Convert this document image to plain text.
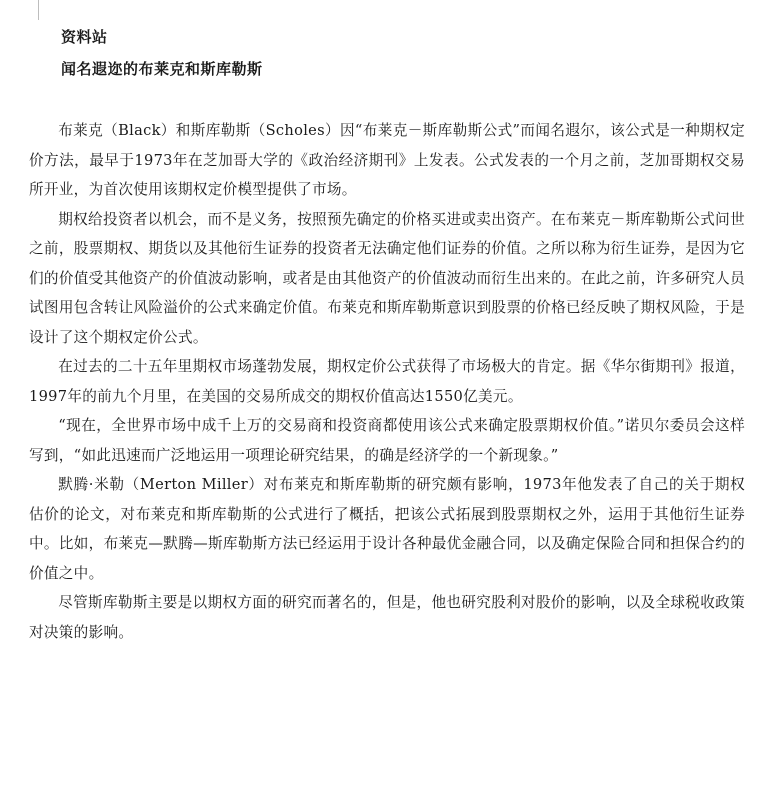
资料站
闻名遐迩的布莱克和斯库勒斯

布莱克（Black）和斯库勒斯（Scholes）因“布莱克－斯库勒斯公式”而闻名遐尔，该公式是一种期权定价方法，最早于1973年在芝加哥大学的《政治经济期刊》上发表。公式发表的一个月之前，芝加哥期权交易所开业，为首次使用该期权定价模型提供了市场。

期权给投资者以机会，而不是义务，按照预先确定的价格买进或卖出资产。在布莱克－斯库勒斯公式问世之前，股票期权、期货以及其他衍生证券的投资者无法确定他们证券的价值。之所以称为衍生证券，是因为它们的价值受其他资产的价值波动影响，或者是由其他资产的价值波动而衍生出来的。在此之前，许多研究人员试图用包含转让风险溢价的公式来确定价值。布莱克和斯库勒斯意识到股票的价格已经反映了期权风险，于是设计了这个期权定价公式。

在过去的二十五年里期权市场蓬勃发展，期权定价公式获得了市场极大的肯定。据《华尔街期刊》报道，1997年的前九个月里，在美国的交易所成交的期权价值高达1550亿美元。

“现在，全世界市场中成千上万的交易商和投资商都使用该公式来确定股票期权价值。”诺贝尔委员会这样写到，“如此迅速而广泛地运用一项理论研究结果，的确是经济学的一个新现象。”

默腾·米勒（Merton Miller）对布莱克和斯库勒斯的研究颇有影响，1973年他发表了自己的关于期权估价的论文，对布莱克和斯库勒斯的公式进行了概括，把该公式拓展到股票期权之外，运用于其他衍生证券中。比如，布莱克—默腾—斯库勒斯方法已经运用于设计各种最优金融合同，以及确定保险合同和担保合约的价值之中。

尽管斯库勒斯主要是以期权方面的研究而著名的，但是，他也研究股利对股价的影响，以及全球税收政策对决策的影响。
